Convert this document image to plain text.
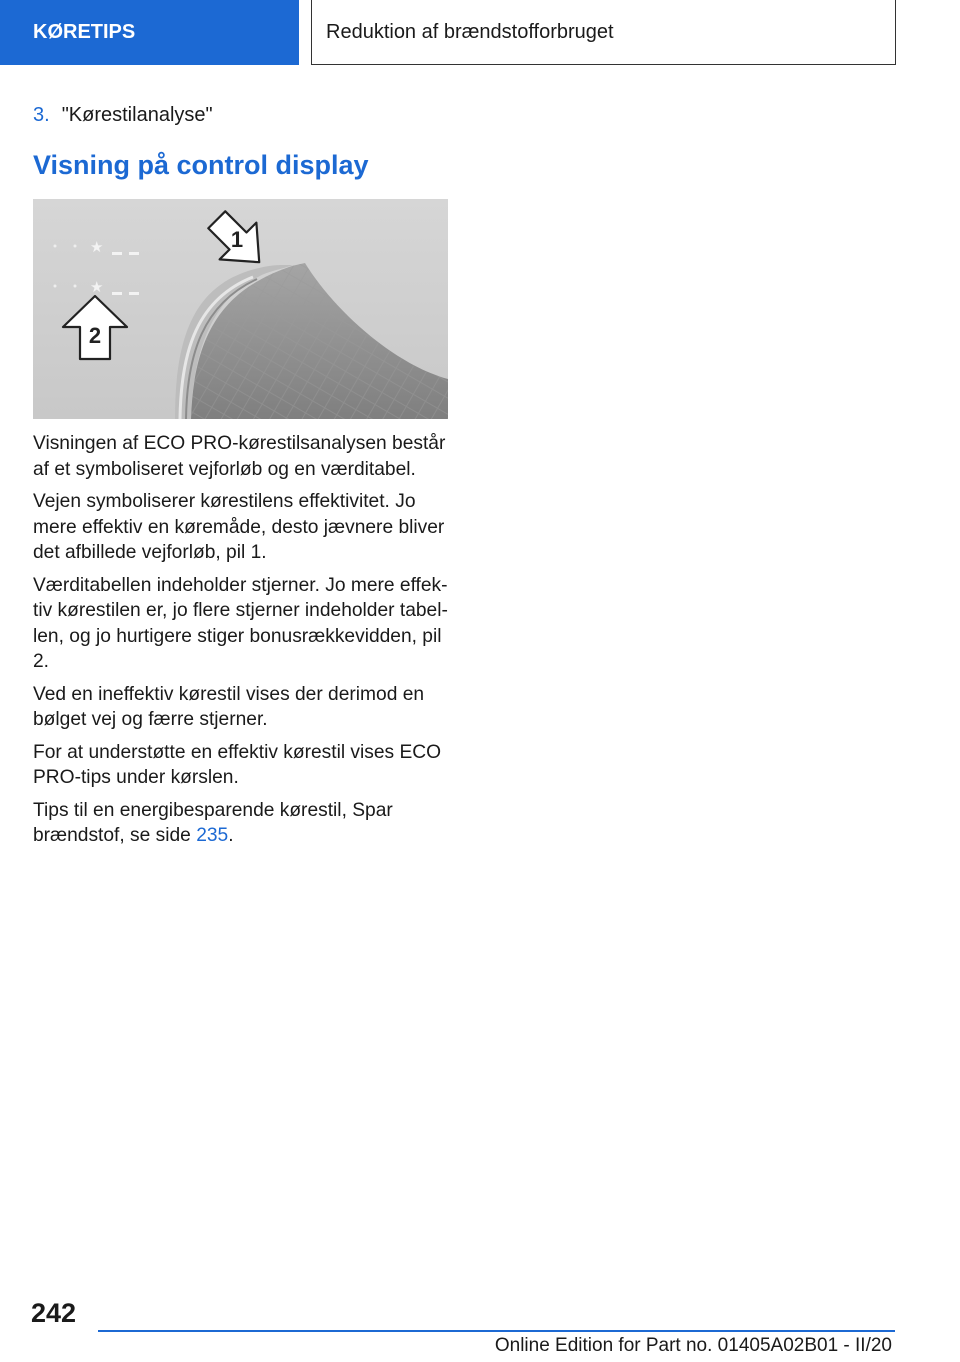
KØRETIPS	Reduktion af brændstofforbruget
3. "Kørestilanalyse"
Visning på control display
★
★
1
2

Visningen af ECO PRO-kørestilsanalysen består af et symboliseret vejforløb og en værditabel.

Vejen symboliserer kørestilens effektivitet. Jo mere effektiv en køremåde, desto jævnere bliver det afbillede vejforløb, pil 1.

Værditabellen indeholder stjerner. Jo mere effektiv kørestilen er, jo flere stjerner indeholder tabellen, og jo hurtigere stiger bonusrækkevidden, pil 2.

Ved en ineffektiv kørestil vises der derimod en bølget vej og færre stjerner.

For at understøtte en effektiv kørestil vises ECO PRO-tips under kørslen.

Tips til en energibesparende kørestil, Spar brændstof, se side 235.

242
Online Edition for Part no. 01405A02B01 - II/20
